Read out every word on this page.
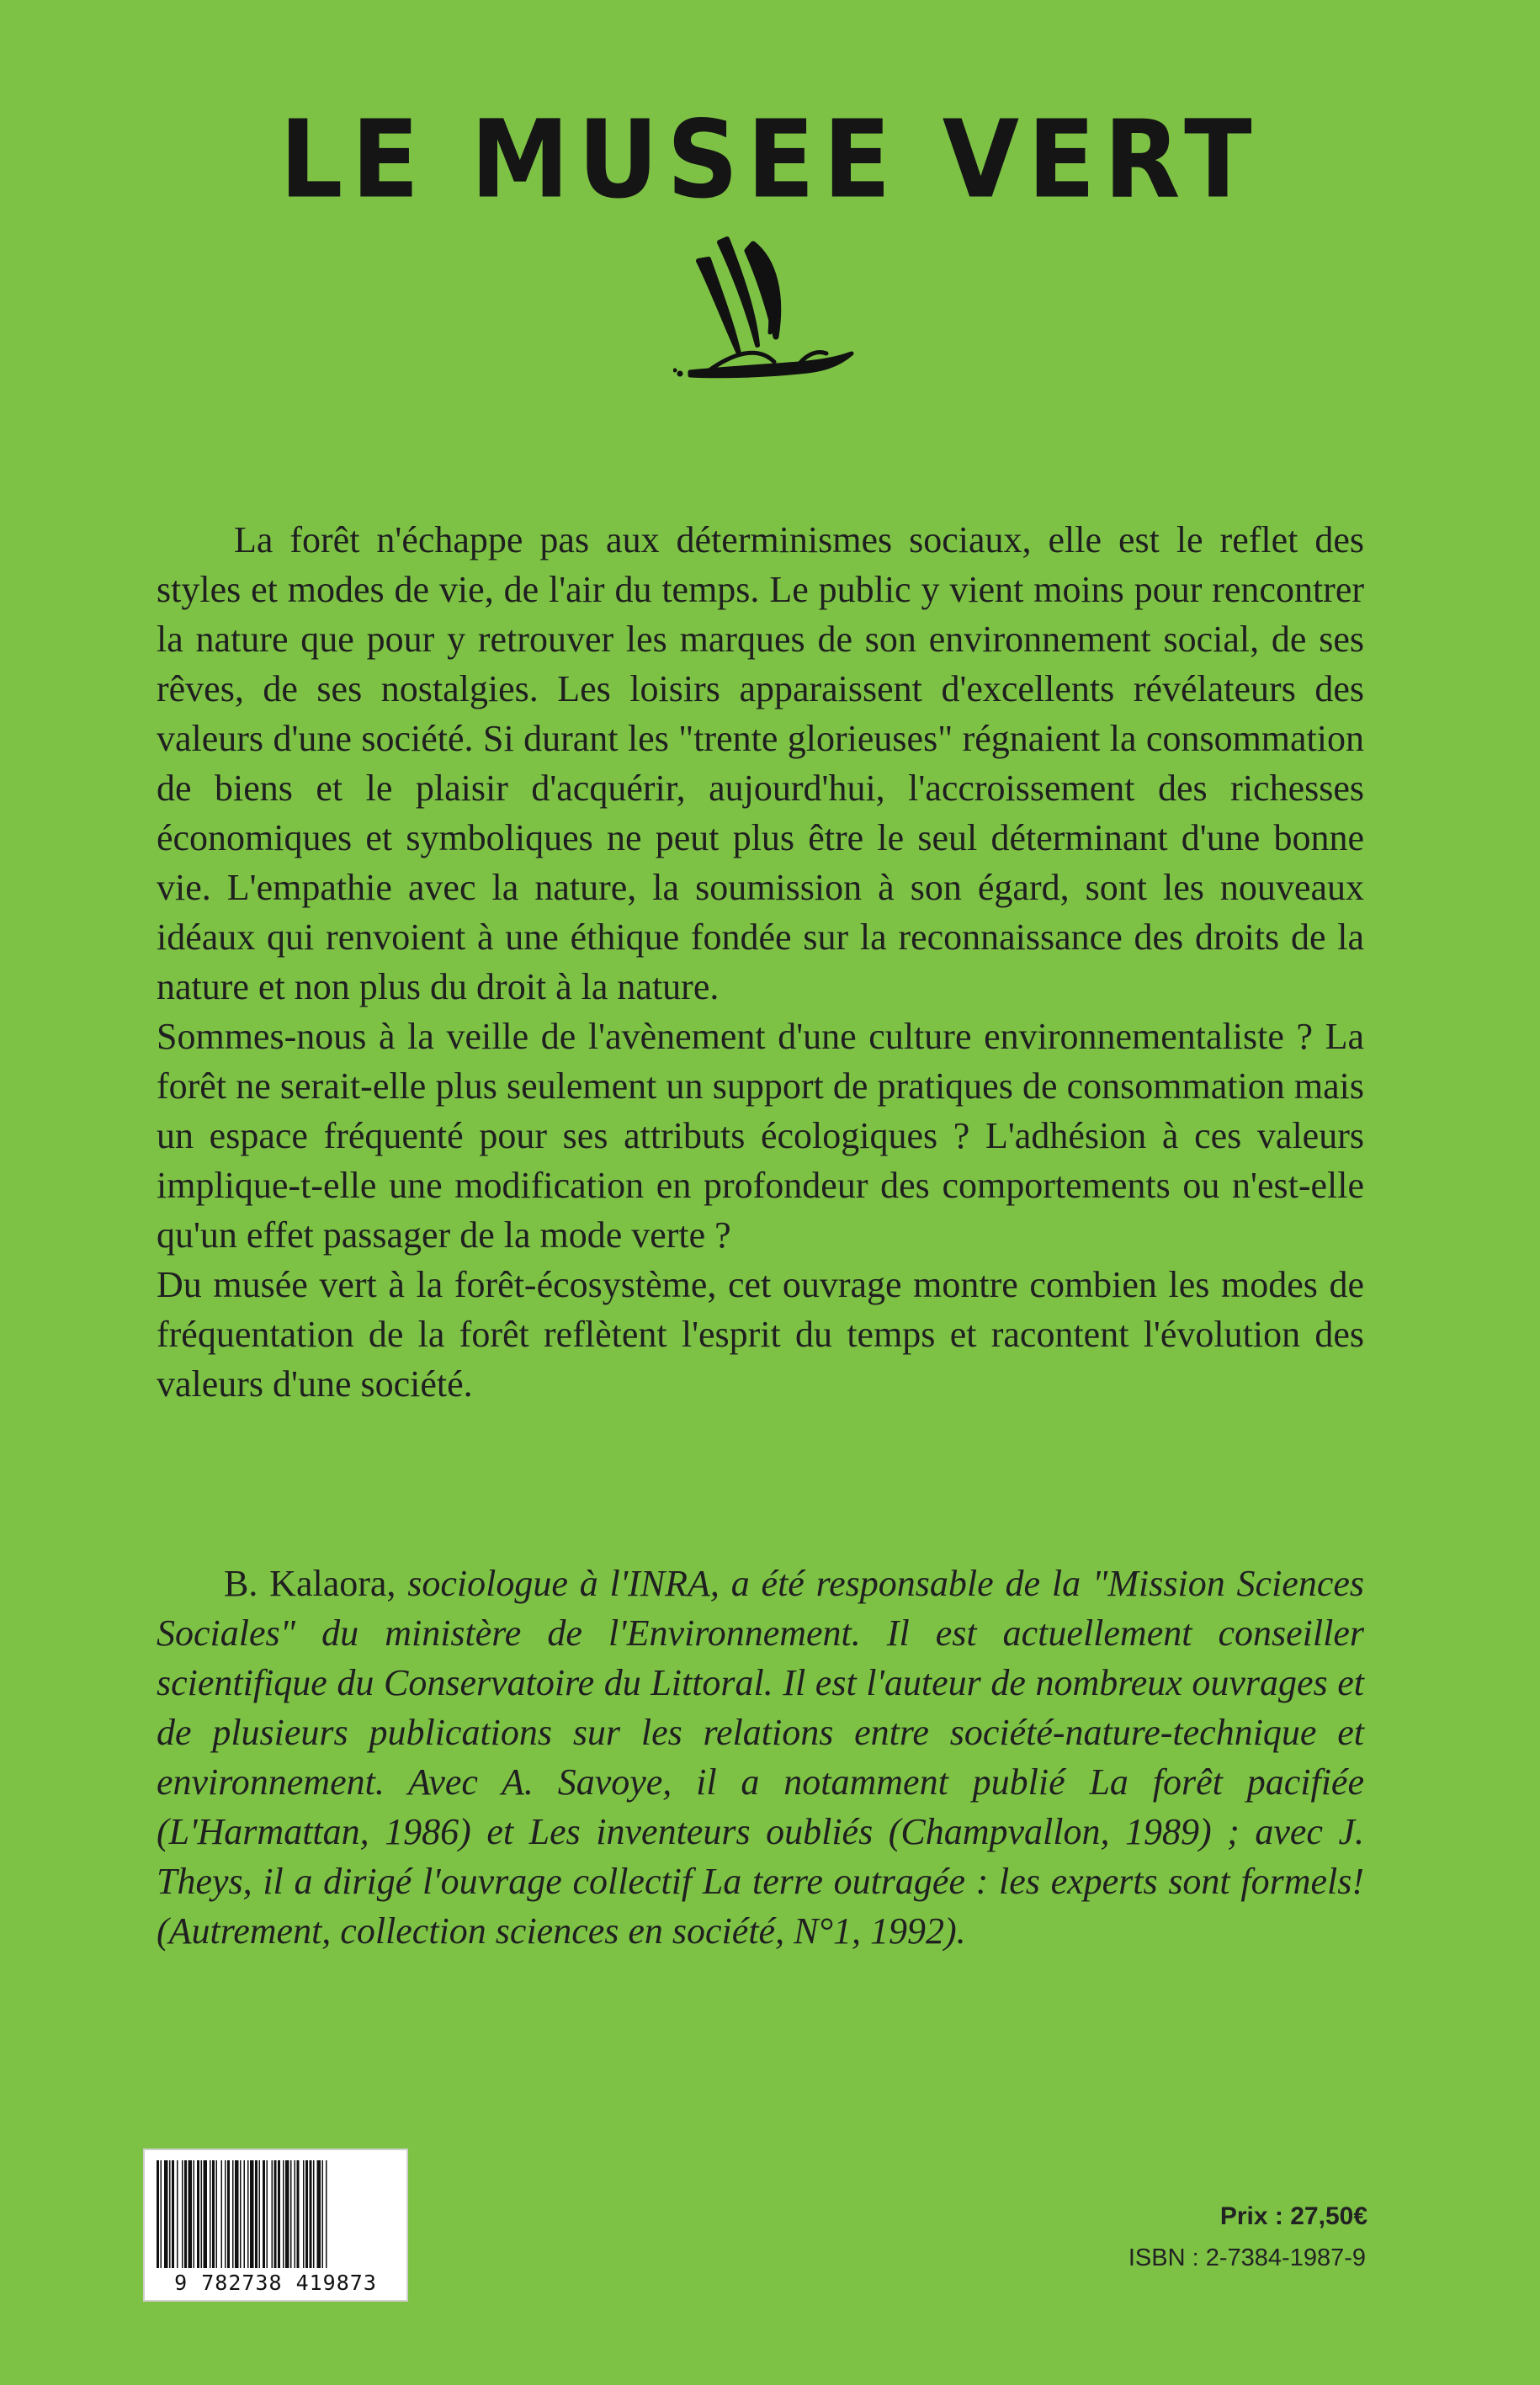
LE MUSEE VERT

La forêt n'échappe pas aux déterminismes sociaux, elle est le reflet des styles et modes de vie, de l'air du temps. Le public y vient moins pour rencontrer la nature que pour y retrouver les marques de son environnement social, de ses rêves, de ses nostalgies. Les loisirs apparaissent d'excellents révélateurs des valeurs d'une société. Si durant les "trente glorieuses" régnaient la consommation de biens et le plaisir d'acquérir, aujourd'hui, l'accroissement des richesses économiques et symboliques ne peut plus être le seul déterminant d'une bonne vie. L'empathie avec la nature, la soumission à son égard, sont les nouveaux idéaux qui renvoient à une éthique fondée sur la reconnaissance des droits de la nature et non plus du droit à la nature.

Sommes-nous à la veille de l'avènement d'une culture environnementaliste ? La forêt ne serait-elle plus seulement un support de pratiques de consommation mais un espace fréquenté pour ses attributs écologiques ? L'adhésion à ces valeurs implique-t-elle une modification en profondeur des comportements ou n'est-elle qu'un effet passager de la mode verte ?

Du musée vert à la forêt-écosystème, cet ouvrage montre combien les modes de fréquentation de la forêt reflètent l'esprit du temps et racontent l'évolution des valeurs d'une société.

B. Kalaora, sociologue à l'INRA, a été responsable de la "Mission Sciences Sociales" du ministère de l'Environnement. Il est actuellement conseiller scientifique du Conservatoire du Littoral. Il est l'auteur de nombreux ouvrages et de plusieurs publications sur les relations entre société-nature-technique et environnement. Avec A. Savoye, il a notamment publié La forêt pacifiée (L'Harmattan, 1986) et Les inventeurs oubliés (Champvallon, 1989) ; avec J. Theys, il a dirigé l'ouvrage collectif La terre outragée : les experts sont formels! (Autrement, collection sciences en société, N°1, 1992).

9 782738 419873
Prix : 27,50€
ISBN : 2-7384-1987-9
